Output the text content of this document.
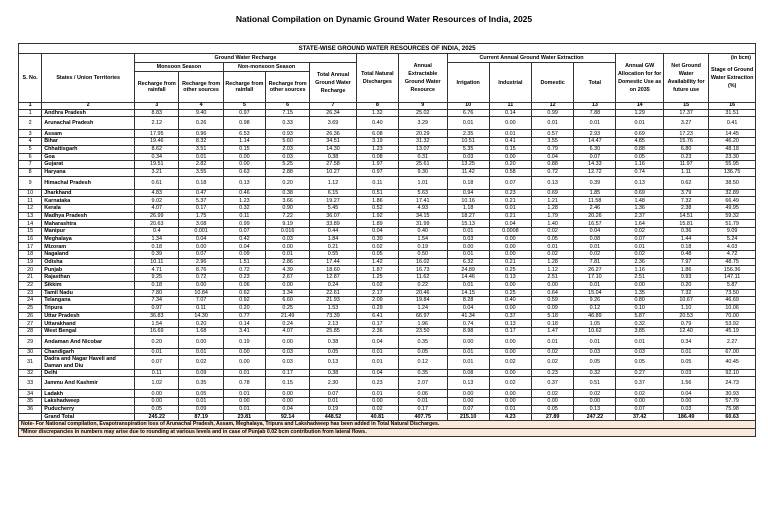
National Compilation on Dynamic Ground Water Resources of India, 2025
STATE-WISE GROUND WATER RESOURCES OF INDIA, 2025
(in bcm)															

S. No.	States / Union Territories	Ground Water Recharge					Total Natural Discharges	Annual Extractable Ground Water Resource	Current Annual Ground Water Extraction				Annual GW Allocation for for Domestic Use as on 2035	Net Ground Water Availability for future use	Stage of Ground Water Extraction (%)
		Monsoon Season		Non-monsoon Season		Total Annual Ground Water Recharge			Irrigation	Industrial	Domestic	Total			
		Recharge from rainfall	Recharge from other sources	Recharge from rainfall	Recharge from other sources										
1	2	3	4	5	6	7	8	9	10	11	12	13	14	15	16
1	Andhra Pradesh	8.83	9.40	0.97	7.15	26.34	1.32	25.02	6.76	0.14	0.99	7.88	1.29	17.37	31.51
2	Arunachal Pradesh	2.12	0.26	0.98	0.33	3.69	0.40	3.29	0.01	0.00	0.01	0.01	0.01	3.27	0.41
3	Assam	17.95	0.96	6.53	0.93	26.36	6.08	20.29	2.35	0.01	0.57	2.93	0.69	17.23	14.45
4	Bihar	19.46	8.32	1.14	5.60	34.51	3.19	31.32	10.51	0.41	3.55	14.47	4.85	15.76	46.20
5	Chhattisgarh	8.62	3.51	0.15	2.03	14.30	1.23	13.07	5.35	0.15	0.79	6.30	0.88	6.80	48.18
6	Goa	0.34	0.01	0.00	0.03	0.38	0.08	0.31	0.03	0.00	0.04	0.07	0.05	0.23	23.30
7	Gujarat	19.51	2.82	0.00	5.25	27.58	1.97	25.61	13.25	0.20	0.88	14.33	1.16	11.97	55.95
8	Haryana	3.21	3.55	0.63	2.88	10.27	0.97	9.30	11.42	0.58	0.72	12.72	0.74	1.11	136.75
9	Himachal Pradesh	0.61	0.18	0.13	0.20	1.12	0.11	1.01	0.18	0.07	0.13	0.39	0.13	0.62	38.50
10	Jharkhand	4.83	0.47	0.46	0.38	6.15	0.51	5.63	0.94	0.23	0.69	1.85	0.69	3.79	32.89
11	Karnataka	9.02	5.37	1.23	3.66	19.27	1.86	17.41	10.16	0.21	1.21	11.58	1.48	7.32	66.49
12	Kerala	4.07	0.17	0.32	0.90	5.45	0.52	4.93	1.18	0.01	1.28	2.46	1.36	2.38	49.95
13	Madhya Pradesh	26.99	1.75	0.11	7.22	36.07	1.92	34.15	18.27	0.21	1.79	20.26	2.37	14.51	59.32
14	Maharashtra	20.63	3.08	0.99	9.19	33.89	1.89	31.99	15.13	0.04	1.40	16.57	1.64	15.81	51.79
15	Manipur	0.4	0.001	0.07	0.016	0.44	0.04	0.40	0.01	0.0008	0.02	0.04	0.02	0.36	9.09
16	Meghalaya	1.34	0.04	0.42	0.03	1.84	0.30	1.54	0.03	0.00	0.05	0.08	0.07	1.44	5.24
17	Mizoram	0.18	0.00	0.04	0.00	0.21	0.02	0.19	0.00	0.00	0.01	0.01	0.01	0.18	4.03
18	Nagaland	0.39	0.07	0.09	0.01	0.55	0.05	0.50	0.01	0.00	0.02	0.02	0.02	0.48	4.72
19	Odisha	10.11	2.96	1.51	2.86	17.44	1.42	16.02	6.32	0.21	1.28	7.81	2.36	7.97	48.75
20	Punjab	4.71	8.76	0.72	4.39	18.60	1.87	16.73	24.89	0.25	1.12	26.27	1.16	1.86	156.36
21	Rajasthan	9.25	0.72	0.23	2.67	12.87	1.25	11.62	14.46	0.13	2.51	17.10	2.51	0.93	147.11
22	Sikkim	0.18	0.00	0.06	0.00	0.24	0.02	0.22	0.01	0.00	0.00	0.01	0.00	0.20	5.87
23	Tamil Nadu	7.80	10.84	0.62	3.34	22.61	2.17	20.46	14.15	0.25	0.64	15.04	1.35	7.32	73.50
24	Telangana	7.34	7.07	0.92	6.60	21.93	2.09	19.84	8.28	0.40	0.59	9.26	0.80	10.67	46.69
25	Tripura	0.97	0.11	0.20	0.25	1.53	0.29	1.24	0.04	0.00	0.09	0.12	0.10	1.10	10.06
26	Uttar Pradesh	36.83	14.30	0.77	21.49	73.39	6.41	66.97	41.34	0.37	5.18	46.89	5.87	20.53	70.00
27	Uttarakhand	1.54	0.20	0.14	0.24	2.13	0.17	1.96	0.74	0.13	0.18	1.05	0.32	0.79	53.92
28	West Bengal	16.69	1.68	3.41	4.07	25.85	2.36	23.50	8.98	0.17	1.47	10.62	3.85	12.40	45.19
29	Andaman And Nicobar	0.20	0.00	0.19	0.00	0.38	0.04	0.35	0.00	0.00	0.01	0.01	0.01	0.34	2.27
30	Chandigarh	0.01	0.01	0.00	0.03	0.05	0.01	0.05	0.01	0.00	0.02	0.03	0.03	0.01	67.00
31	Dadra and Nagar Haveli and Daman and Diu	0.07	0.02	0.00	0.03	0.13	0.01	0.12	0.01	0.02	0.02	0.05	0.05	0.05	40.45
32	Delhi	0.11	0.09	0.01	0.17	0.38	0.04	0.35	0.08	0.00	0.23	0.32	0.27	0.03	92.10
33	Jammu And Kashmir	1.02	0.35	0.78	0.15	2.30	0.23	2.07	0.13	0.02	0.37	0.51	0.37	1.56	24.73
34	Ladakh	0.00	0.05	0.01	0.00	0.07	0.01	0.06	0.00	0.00	0.02	0.02	0.02	0.04	30.93
35	Lakshadweep	0.00	0.01	0.00	0.00	0.01	0.00	0.01	0.00	0.00	0.00	0.00	0.00	0.00	57.79
36	Puducherry	0.05	0.09	0.01	0.04	0.19	0.02	0.17	0.07	0.01	0.05	0.13	0.07	0.03	75.98
	Grand Total	245.22	87.19	23.81	92.14	448.52	40.81	407.75	215.10	4.23	27.89	247.22	37.42	186.49	60.63
Note- For National compilation, Evapotranspiration loss of Arunachal Pradesh, Assam, Meghalaya, Tripura and Lakshadweep has been added in Total Natural Discharges.															
*Minor discrepancies in numbers may arise due to rounding at various levels and in case of Punjab 0.02 bcm contribution from lateral flows.															
